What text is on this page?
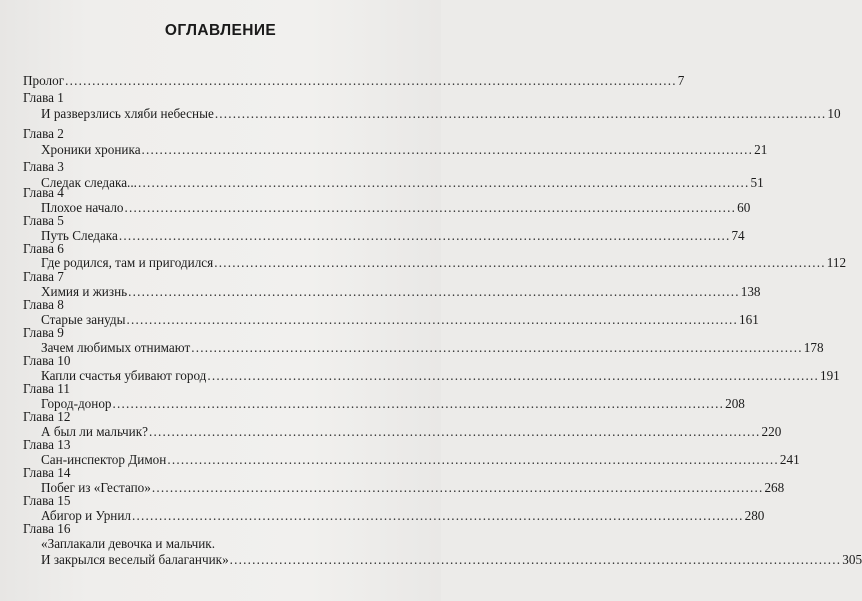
ОГЛАВЛЕНИЕ
Пролог ........................................................................................................................................ 7
Глава 1
И разверзлись хляби небесные ........................................................................................................................................ 10
Глава 2
Хроники хроника ........................................................................................................................................ 21
Глава 3
Следак следака... ........................................................................................................................................ 51
Глава 4
Плохое начало ........................................................................................................................................ 60
Глава 5
Путь Следака ........................................................................................................................................ 74
Глава 6
Где родился, там и пригодился ........................................................................................................................................ 112
Глава 7
Химия и жизнь ........................................................................................................................................ 138
Глава 8
Старые зануды ........................................................................................................................................ 161
Глава 9
Зачем любимых отнимают ........................................................................................................................................ 178
Глава 10
Капли счастья убивают город ........................................................................................................................................ 191
Глава 11
Город-донор ........................................................................................................................................ 208
Глава 12
А был ли мальчик? ........................................................................................................................................ 220
Глава 13
Сан-инспектор Димон ........................................................................................................................................ 241
Глава 14
Побег из «Гестапо» ........................................................................................................................................ 268
Глава 15
Абигор и Урнил ........................................................................................................................................ 280
Глава 16
«Заплакали девочка и мальчик.
И закрылся веселый балаганчик» ........................................................................................................................................ 305
